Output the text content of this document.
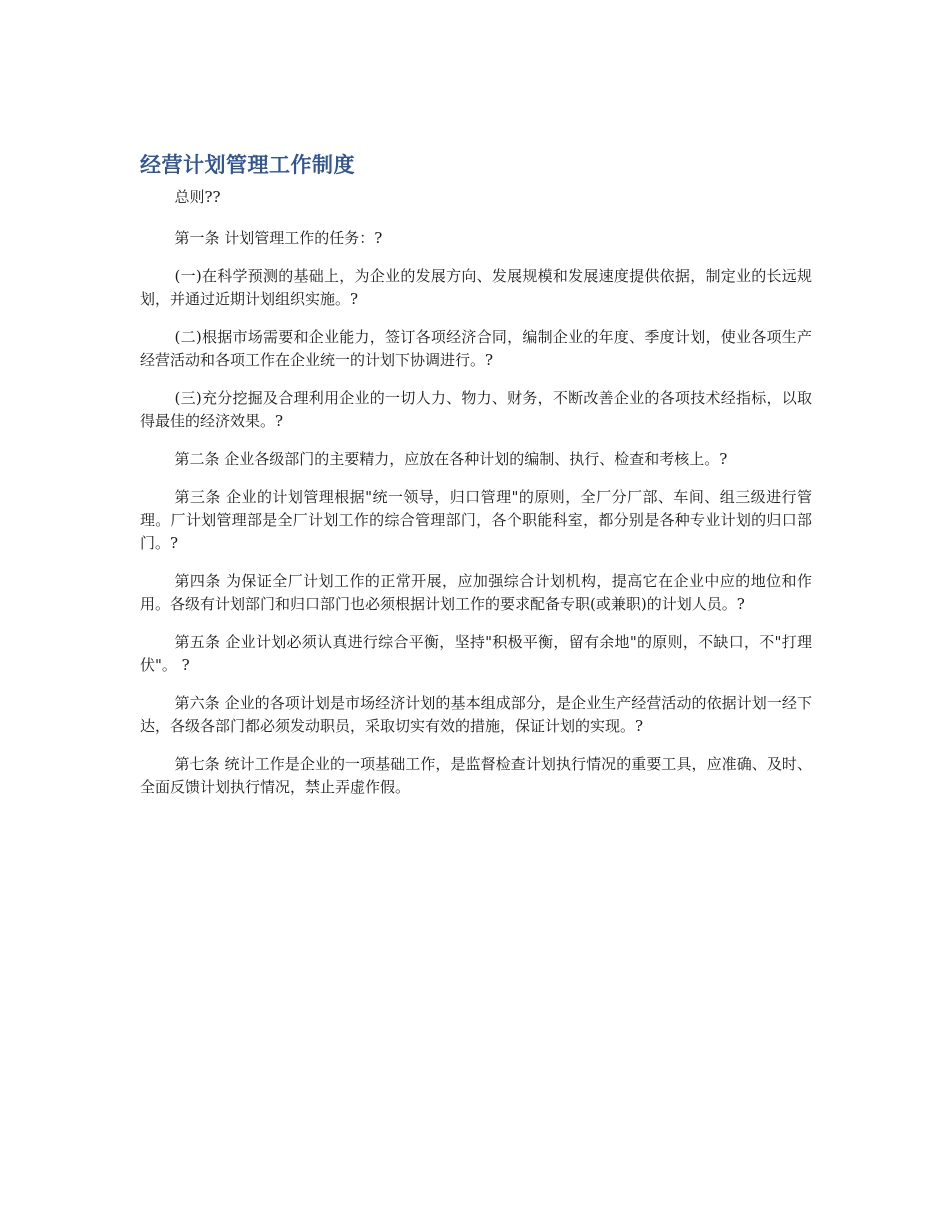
经营计划管理工作制度

总则??

第一条 计划管理工作的任务：?

(一)在科学预测的基础上，为企业的发展方向、发展规模和发展速度提供依据，制定业的长远规划，并通过近期计划组织实施。?

(二)根据市场需要和企业能力，签订各项经济合同，编制企业的年度、季度计划，使业各项生产经营活动和各项工作在企业统一的计划下协调进行。?

(三)充分挖掘及合理利用企业的一切人力、物力、财务，不断改善企业的各项技术经指标，以取得最佳的经济效果。?

第二条 企业各级部门的主要精力，应放在各种计划的编制、执行、检查和考核上。?

第三条 企业的计划管理根据"统一领导，归口管理"的原则，全厂分厂部、车间、组三级进行管理。厂计划管理部是全厂计划工作的综合管理部门，各个职能科室，都分别是各种专业计划的归口部门。?

第四条 为保证全厂计划工作的正常开展，应加强综合计划机构，提高它在企业中应的地位和作用。各级有计划部门和归口部门也必须根据计划工作的要求配备专职(或兼职)的计划人员。?

第五条 企业计划必须认真进行综合平衡，坚持"积极平衡，留有余地"的原则，不缺口，不"打理伏"。 ?

第六条 企业的各项计划是市场经济计划的基本组成部分，是企业生产经营活动的依据计划一经下达，各级各部门都必须发动职员，采取切实有效的措施，保证计划的实现。?

第七条 统计工作是企业的一项基础工作，是监督检查计划执行情况的重要工具，应准确、及时、全面反馈计划执行情况，禁止弄虚作假。
